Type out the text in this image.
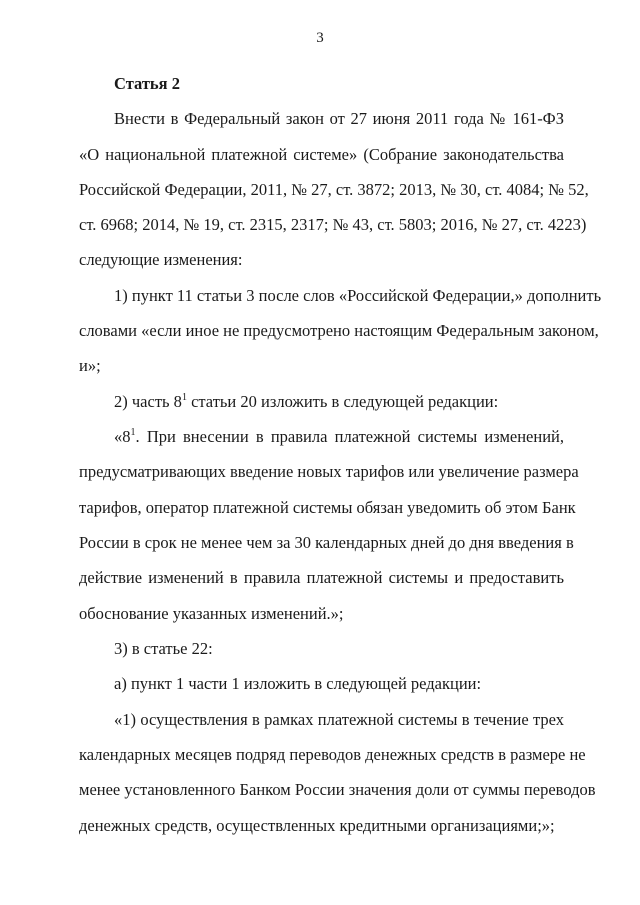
3
Статья 2
Внести в Федеральный закон от 27 июня 2011 года № 161-ФЗ
«О национальной платежной системе» (Собрание законодательства
Российской Федерации, 2011, № 27, ст. 3872; 2013, № 30, ст. 4084; № 52,
ст. 6968; 2014, № 19, ст. 2315, 2317; № 43, ст. 5803; 2016, № 27, ст. 4223)
следующие изменения:
1) пункт 11 статьи 3 после слов «Российской Федерации,» дополнить
словами «если иное не предусмотрено настоящим Федеральным законом,
и»;
2) часть $8^1$ статьи 20 изложить в следующей редакции:
«$8^1$. При внесении в правила платежной системы изменений,
предусматривающих введение новых тарифов или увеличение размера
тарифов, оператор платежной системы обязан уведомить об этом Банк
России в срок не менее чем за 30 календарных дней до дня введения в
действие изменений в правила платежной системы и предоставить
обоснование указанных изменений.»;
3) в статье 22:
а) пункт 1 части 1 изложить в следующей редакции:
«1) осуществления в рамках платежной системы в течение трех
календарных месяцев подряд переводов денежных средств в размере не
менее установленного Банком России значения доли от суммы переводов
денежных средств, осуществленных кредитными организациями;»;
